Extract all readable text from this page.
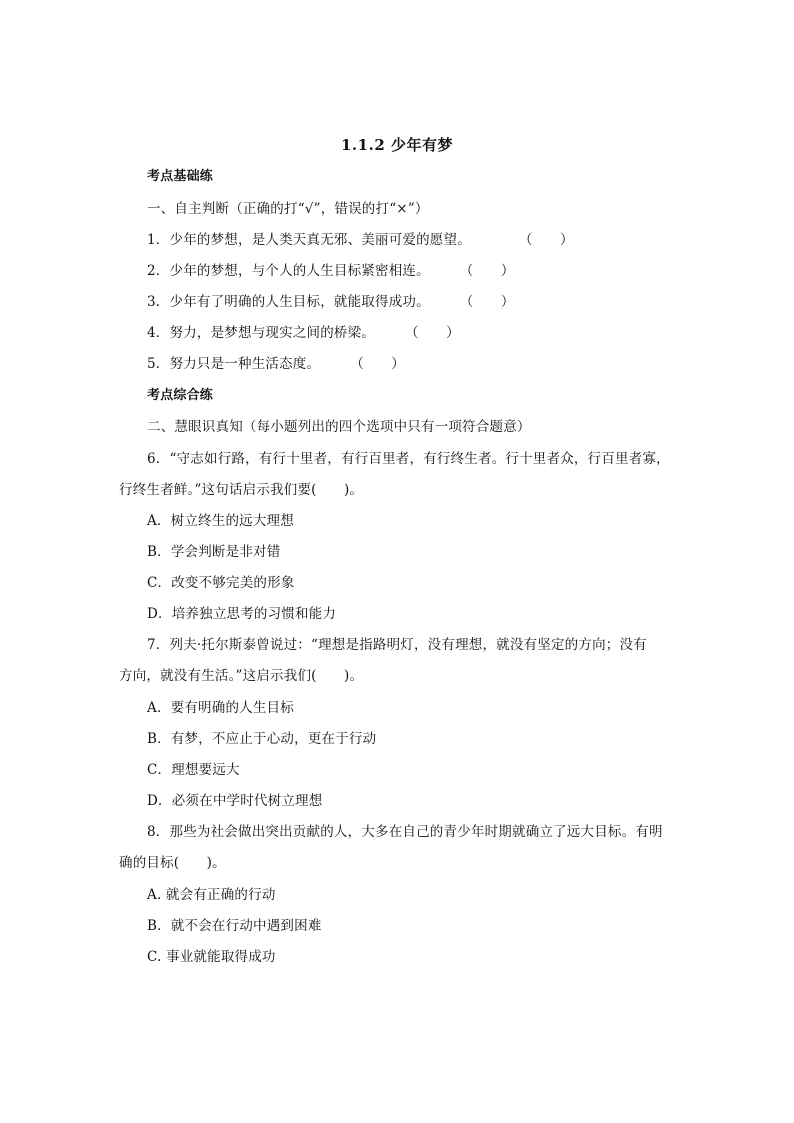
1.1.2 少年有梦
考点基础练
一、自主判断（正确的打“√”，错误的打“×”）
1．少年的梦想，是人类天真无邪、美丽可爱的愿望。	（　　）
2．少年的梦想，与个人的人生目标紧密相连。 （　　）
3．少年有了明确的人生目标，就能取得成功。 （　　）
4．努力，是梦想与现实之间的桥梁。 （　　）
5．努力只是一种生活态度。 （　　）
考点综合练
二、慧眼识真知（每小题列出的四个选项中只有一项符合题意）
6．“守志如行路，有行十里者，有行百里者，有行终生者。行十里者众，行百里者寡，
行终生者鲜。”这句话启示我们要(　　)。
A．树立终生的远大理想
B．学会判断是非对错
C．改变不够完美的形象
D．培养独立思考的习惯和能力
7．列夫·托尔斯泰曾说过：“理想是指路明灯，没有理想，就没有坚定的方向；没有
方向，就没有生活。”这启示我们(　　)。
A．要有明确的人生目标
B．有梦，不应止于心动，更在于行动
C．理想要远大
D．必须在中学时代树立理想
8．那些为社会做出突出贡献的人，大多在自己的青少年时期就确立了远大目标。有明
确的目标(　　)。
A. 就会有正确的行动
B．就不会在行动中遇到困难
C. 事业就能取得成功
